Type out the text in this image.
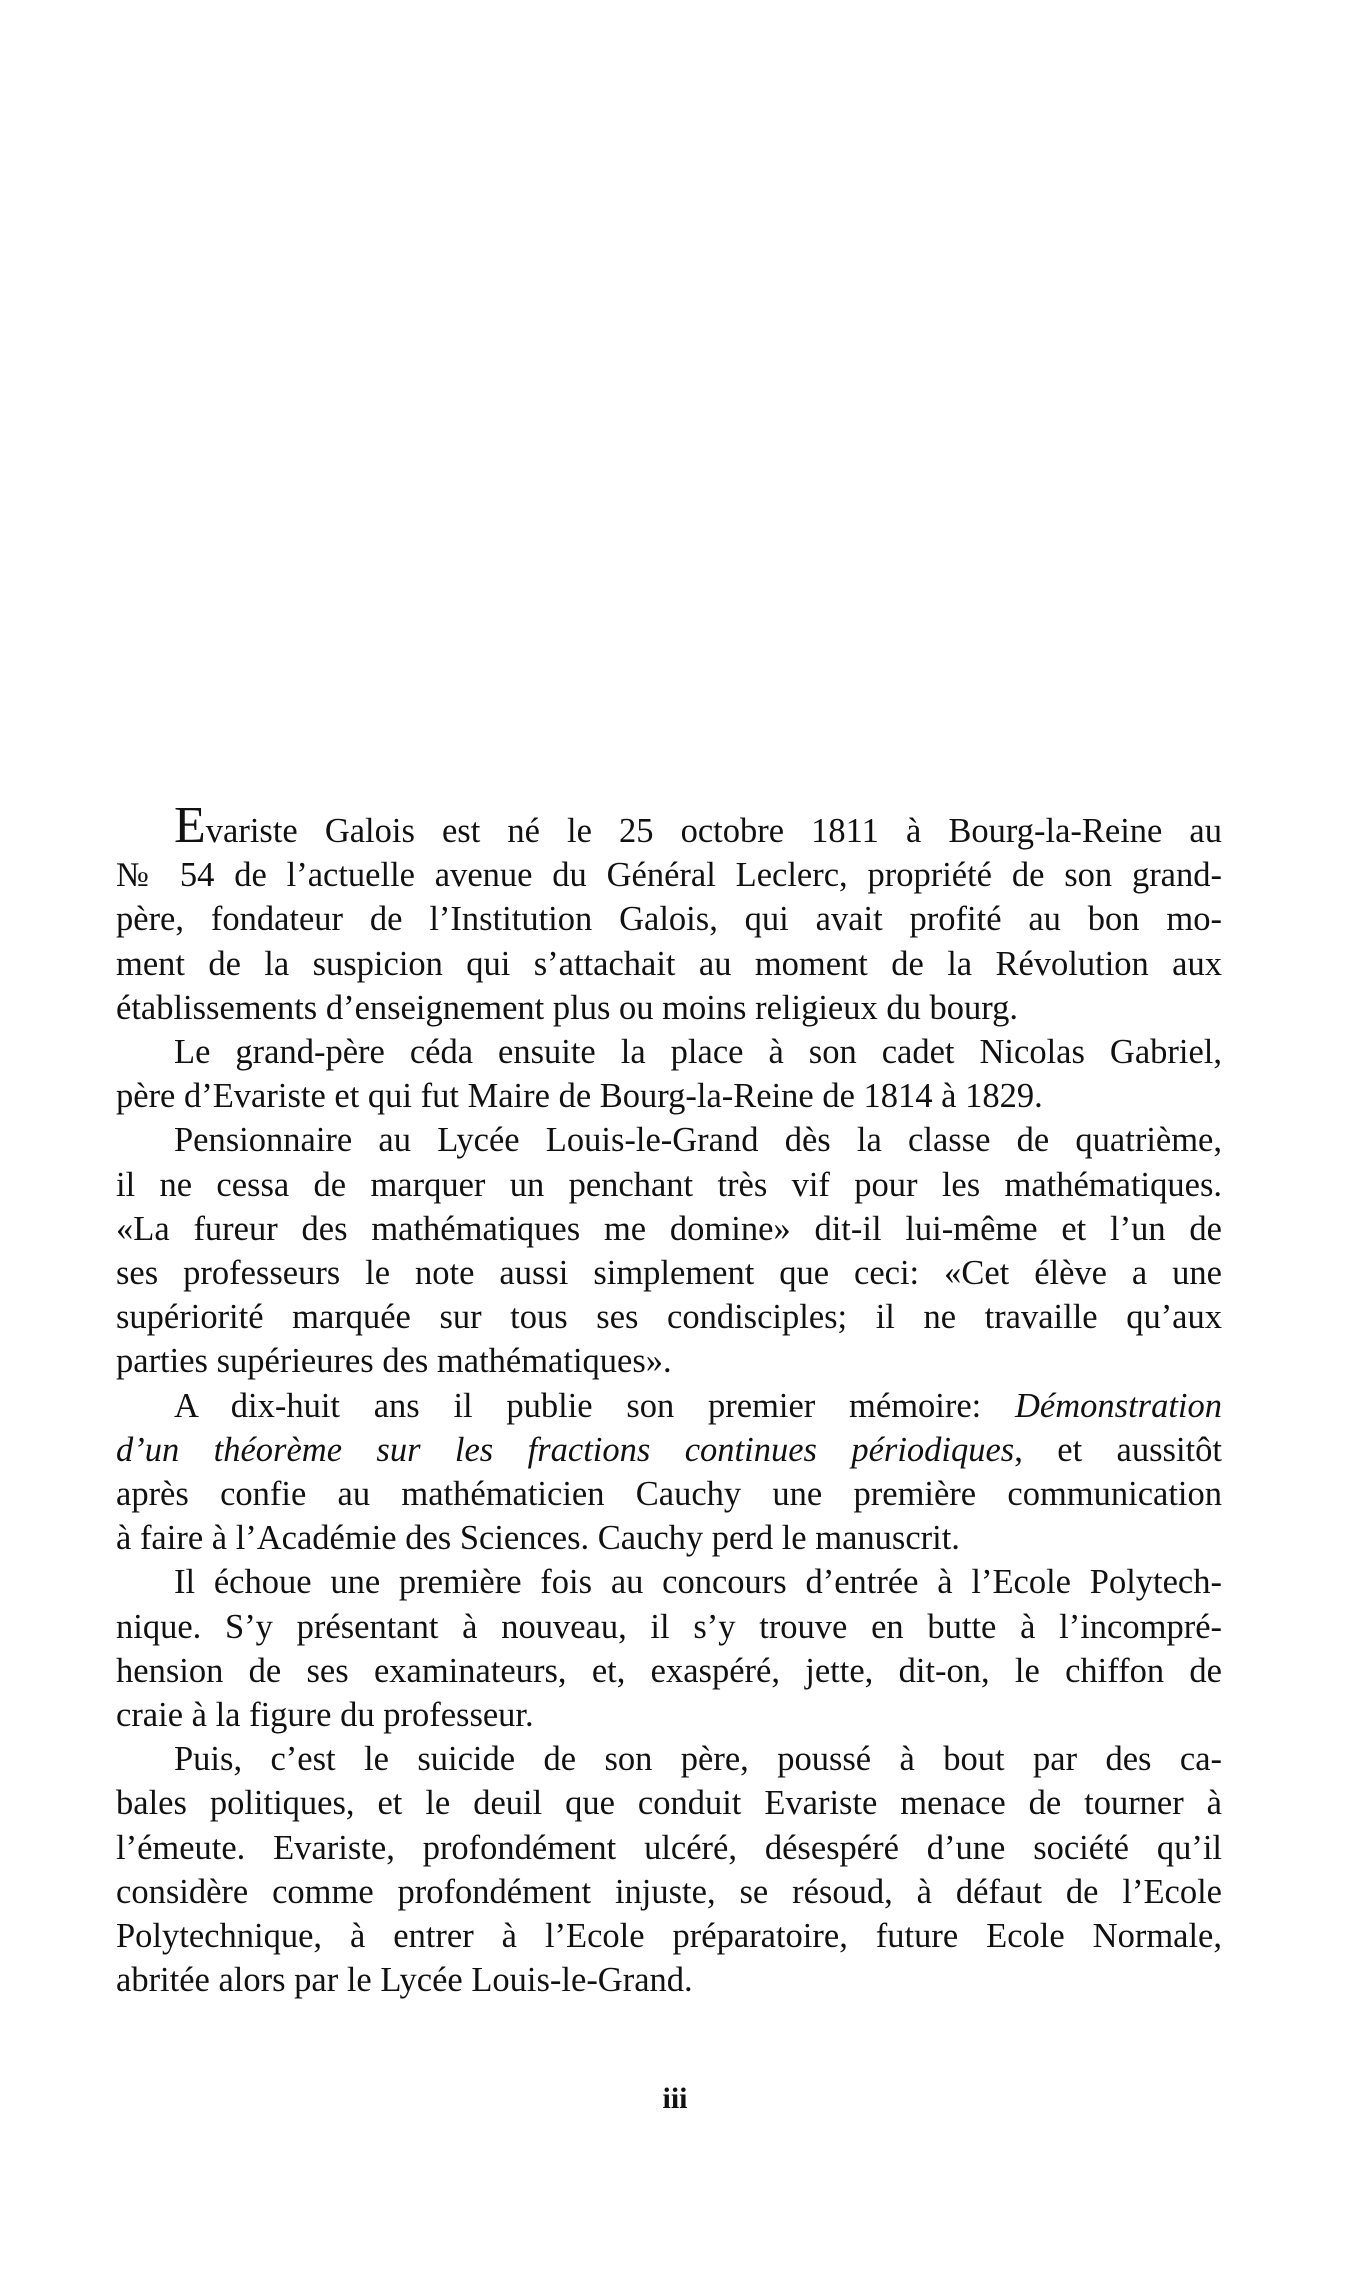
Evariste Galois est né le 25 octobre 1811 à Bourg-la-Reine au
№ 54 de l’actuelle avenue du Général Leclerc, propriété de son grand-
père, fondateur de l’Institution Galois, qui avait profité au bon mo-
ment de la suspicion qui s’attachait au moment de la Révolution aux
établissements d’enseignement plus ou moins religieux du bourg.
Le grand-père céda ensuite la place à son cadet Nicolas Gabriel,
père d’Evariste et qui fut Maire de Bourg-la-Reine de 1814 à 1829.
Pensionnaire au Lycée Louis-le-Grand dès la classe de quatrième,
il ne cessa de marquer un penchant très vif pour les mathématiques.
«La fureur des mathématiques me domine» dit-il lui-même et l’un de
ses professeurs le note aussi simplement que ceci: «Cet élève a une
supériorité marquée sur tous ses condisciples; il ne travaille qu’aux
parties supérieures des mathématiques».
A dix-huit ans il publie son premier mémoire: Démonstration
d’un théorème sur les fractions continues périodiques, et aussitôt
après confie au mathématicien Cauchy une première communication
à faire à l’Académie des Sciences. Cauchy perd le manuscrit.
Il échoue une première fois au concours d’entrée à l’Ecole Polytech-
nique. S’y présentant à nouveau, il s’y trouve en butte à l’incompré-
hension de ses examinateurs, et, exaspéré, jette, dit-on, le chiffon de
craie à la figure du professeur.
Puis, c’est le suicide de son père, poussé à bout par des ca-
bales politiques, et le deuil que conduit Evariste menace de tourner à
l’émeute. Evariste, profondément ulcéré, désespéré d’une société qu’il
considère comme profondément injuste, se résoud, à défaut de l’Ecole
Polytechnique, à entrer à l’Ecole préparatoire, future Ecole Normale,
abritée alors par le Lycée Louis-le-Grand.
iii
